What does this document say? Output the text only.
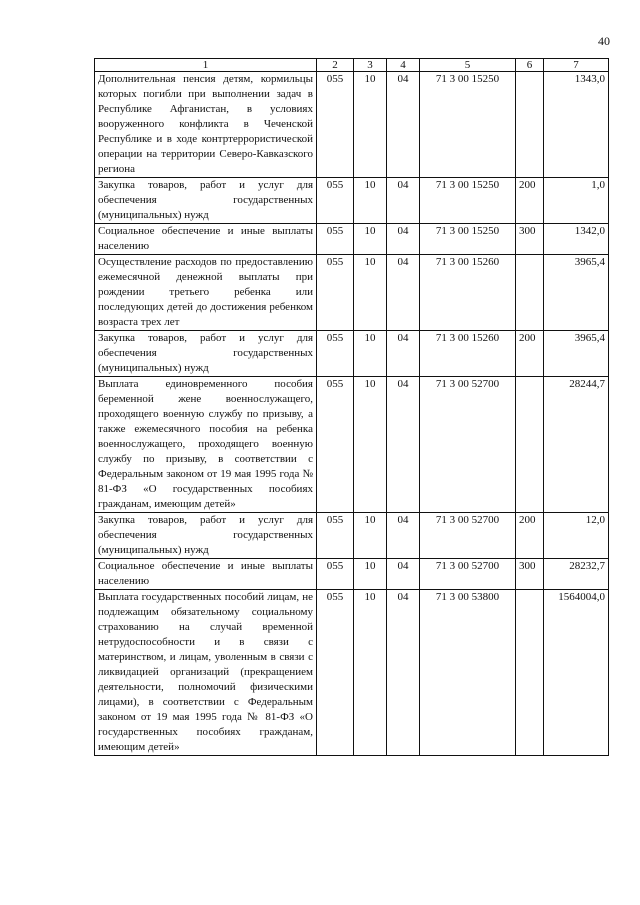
40
1	2	3	4	5	6	7
Дополнительная пенсия детям, кормильцы которых погибли при выполнении задач в Республике Афганистан, в условиях вооруженного конфликта в Чеченской Республике и в ходе контртеррористической операции на территории Северо-Кавказского региона	055	10	04	71 3 00 15250		1343,0
Закупка товаров, работ и услуг для обеспечения государственных (муниципальных) нужд	055	10	04	71 3 00 15250	200	1,0
Социальное обеспечение и иные выплаты населению	055	10	04	71 3 00 15250	300	1342,0
Осуществление расходов по предоставлению ежемесячной денежной выплаты при рождении третьего ребенка или последующих детей до достижения ребенком возраста трех лет	055	10	04	71 3 00 15260		3965,4
Закупка товаров, работ и услуг для обеспечения государственных (муниципальных) нужд	055	10	04	71 3 00 15260	200	3965,4
Выплата единовременного пособия беременной жене военнослужащего, проходящего военную службу по призыву, а также ежемесячного пособия на ребенка военнослужащего, проходящего военную службу по призыву, в соответствии с Федеральным законом от 19 мая 1995 года № 81-ФЗ «О государственных пособиях гражданам, имеющим детей»	055	10	04	71 3 00 52700		28244,7
Закупка товаров, работ и услуг для обеспечения государственных (муниципальных) нужд	055	10	04	71 3 00 52700	200	12,0
Социальное обеспечение и иные выплаты населению	055	10	04	71 3 00 52700	300	28232,7
Выплата государственных пособий лицам, не подлежащим обязательному социальному страхованию на случай временной нетрудоспособности и в связи с материнством, и лицам, уволенным в связи с ликвидацией организаций (прекращением деятельности, полномочий физическими лицами), в соответствии с Федеральным законом от 19 мая 1995 года № 81-ФЗ «О государственных пособиях гражданам, имеющим детей»	055	10	04	71 3 00 53800		1564004,0
